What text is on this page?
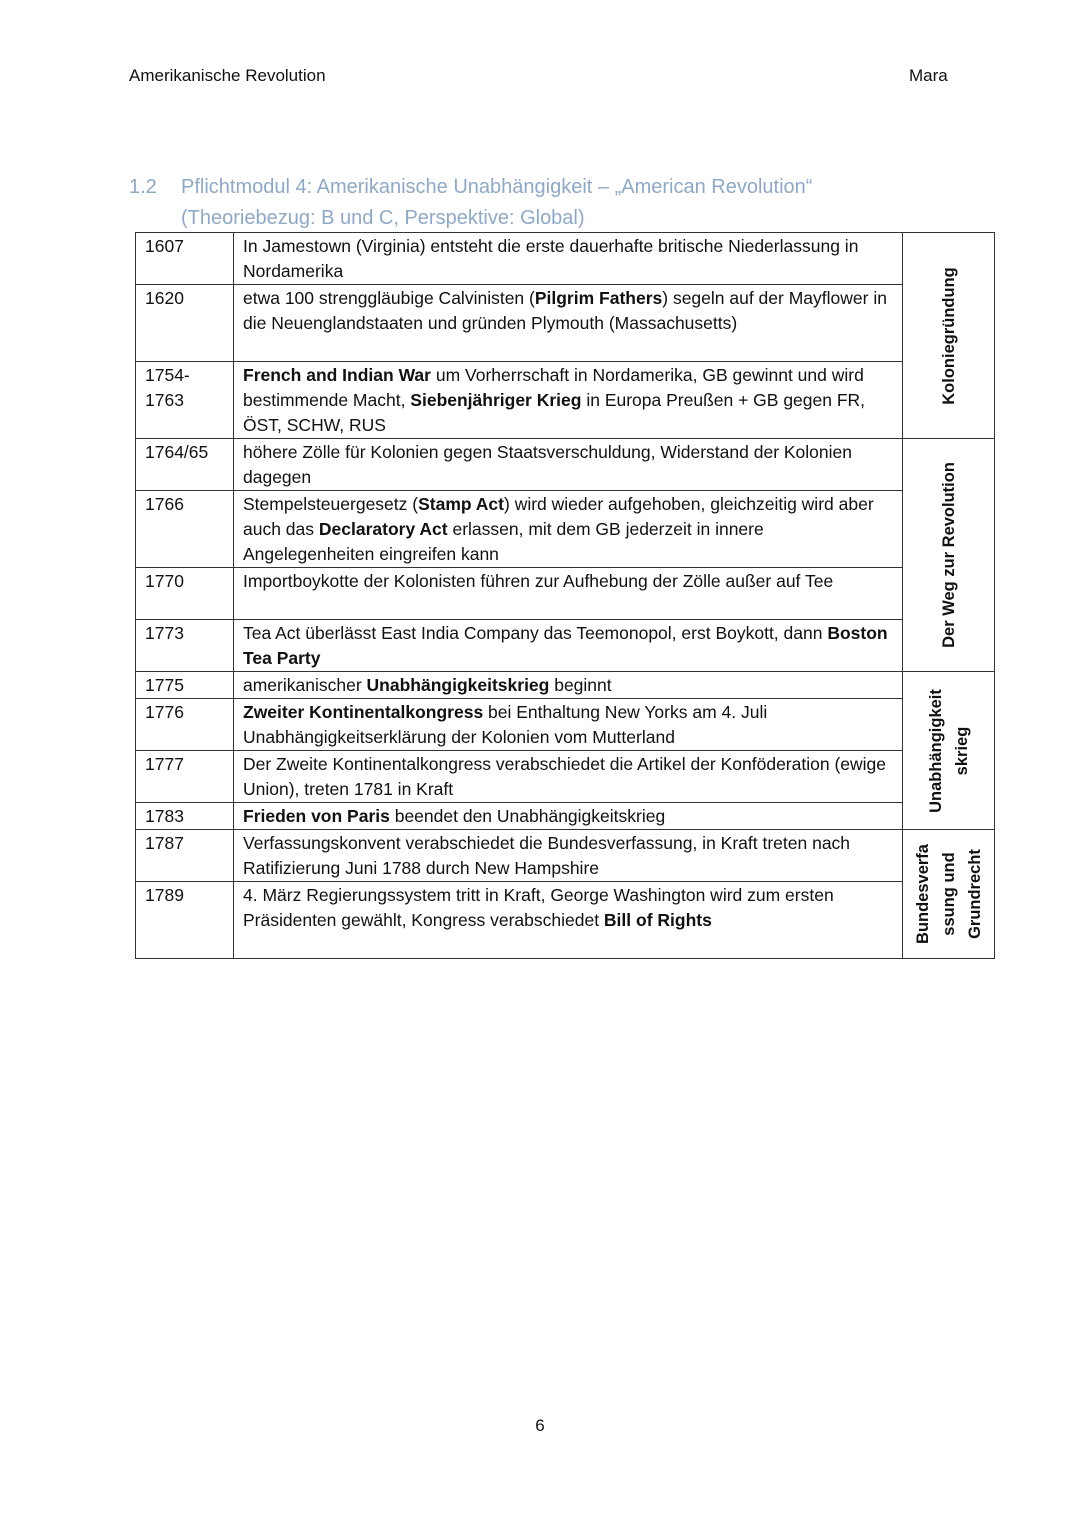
Amerikanische Revolution	Mara
1.2 Pflichtmodul 4: Amerikanische Unabhängigkeit – „American Revolution“
(Theoriebezug: B und C, Perspektive: Global)
1607	In Jamestown (Virginia) entsteht die erste dauerhafte britische Niederlassung in Nordamerika	Koloniegründung

1620	etwa 100 strenggläubige Calvinisten (Pilgrim Fathers) segeln auf der Mayflower in die Neuenglandstaaten und gründen Plymouth (Massachusetts)	
1754-
1763	French and Indian War um Vorherrschaft in Nordamerika, GB gewinnt und wird bestimmende Macht, Siebenjähriger Krieg in Europa Preußen + GB gegen FR, ÖST, SCHW, RUS	
1764/65	höhere Zölle für Kolonien gegen Staatsverschuldung, Widerstand der Kolonien dagegen	Der Weg zur Revolution

1766	Stempelsteuergesetz (Stamp Act) wird wieder aufgehoben, gleichzeitig wird aber auch das Declaratory Act erlassen, mit dem GB jederzeit in innere Angelegenheiten eingreifen kann	
1770	Importboykotte der Kolonisten führen zur Aufhebung der Zölle außer auf Tee	
1773	Tea Act überlässt East India Company das Teemonopol, erst Boykott, dann Boston Tea Party	
1775	amerikanischer Unabhängigkeitskrieg beginnt	Unabhängigkeit skrieg

1776	Zweiter Kontinentalkongress bei Enthaltung New Yorks am 4. Juli Unabhängigkeitserklärung der Kolonien vom Mutterland	
1777	Der Zweite Kontinentalkongress verabschiedet die Artikel der Konföderation (ewige Union), treten 1781 in Kraft	
1783	Frieden von Paris beendet den Unabhängigkeitskrieg	
1787	Verfassungskonvent verabschiedet die Bundesverfassung, in Kraft treten nach Ratifizierung Juni 1788 durch New Hampshire	Bundesverfa ssung und Grundrecht

1789	4. März Regierungssystem tritt in Kraft, George Washington wird zum ersten Präsidenten gewählt, Kongress verabschiedet Bill of Rights	
6
